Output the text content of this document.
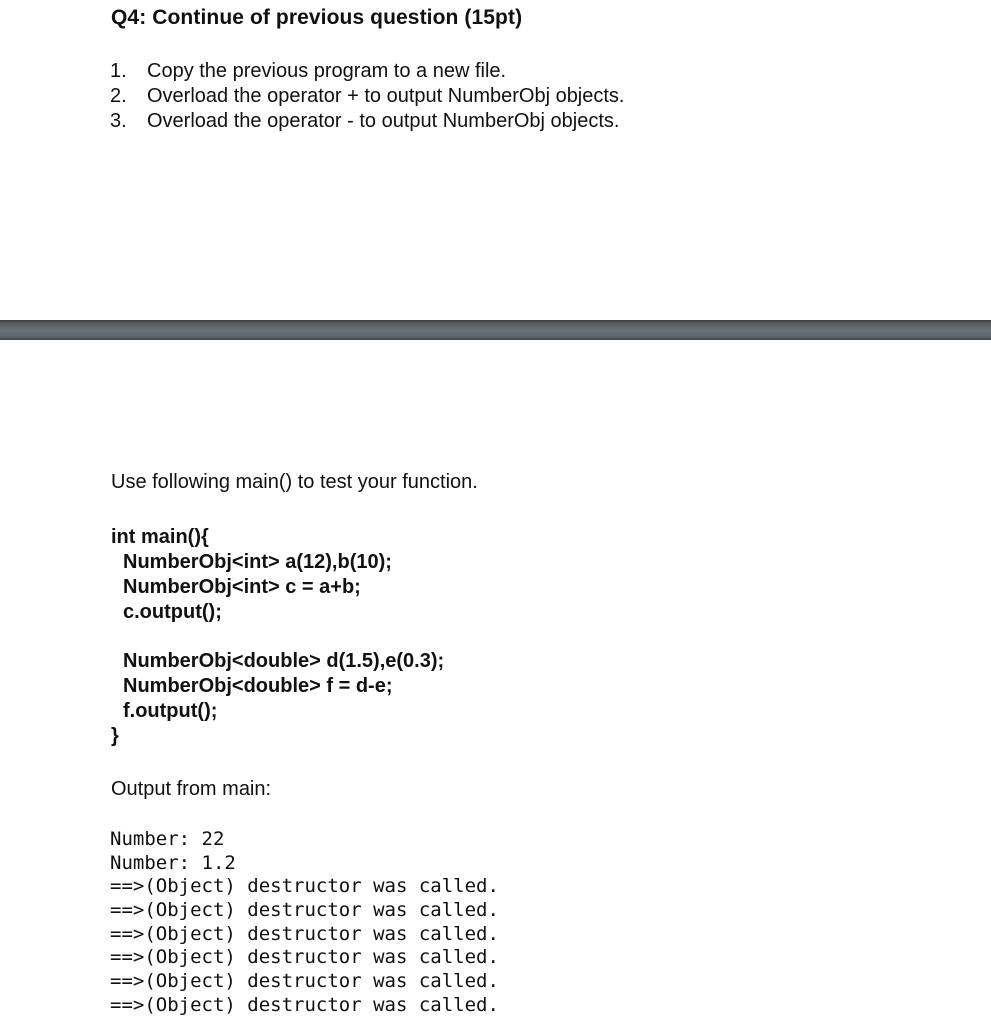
Q4: Continue of previous question (15pt)
1.	Copy the previous program to a new file.
2.	Overload the operator + to output NumberObj objects.
3.	Overload the operator - to output NumberObj objects.
Use following main() to test your function.
int main(){
NumberObj<int> a(12),b(10);
NumberObj<int> c = a+b;
c.output();
NumberObj<double> d(1.5),e(0.3);
NumberObj<double> f = d-e;
f.output();
}
Output from main:
Number: 22
Number: 1.2
==>(Object) destructor was called.
==>(Object) destructor was called.
==>(Object) destructor was called.
==>(Object) destructor was called.
==>(Object) destructor was called.
==>(Object) destructor was called.
